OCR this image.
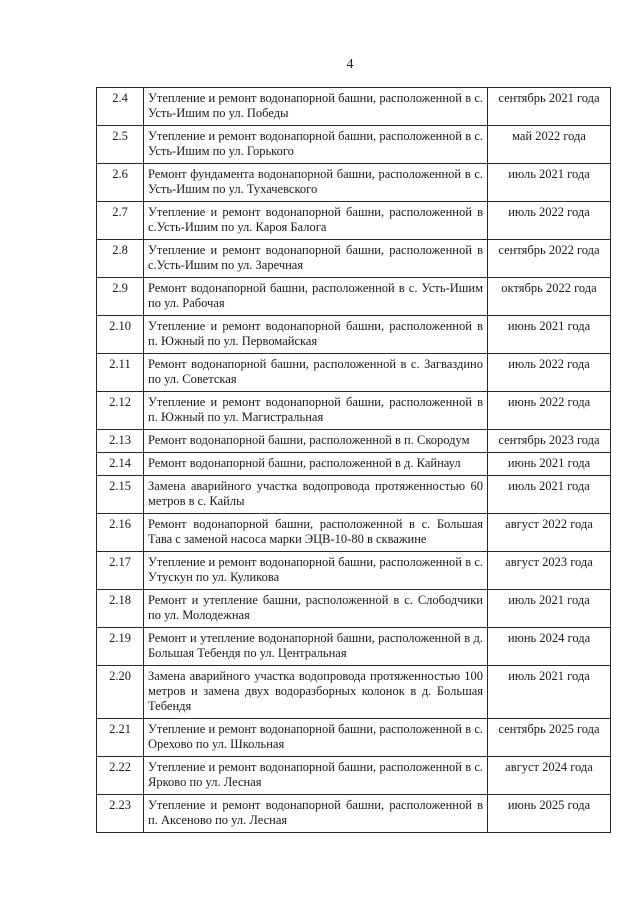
4
2.4	Утепление и ремонт водонапорной башни, расположенной в с. Усть-Ишим по ул. Победы	сентябрь 2021 года
2.5	Утепление и ремонт водонапорной башни, расположенной в с. Усть-Ишим по ул. Горького	май 2022 года
2.6	Ремонт фундамента водонапорной башни, расположенной в с. Усть-Ишим по ул. Тухачевского	июль 2021 года
2.7	Утепление и ремонт водонапорной башни, расположенной в с.Усть-Ишим по ул. Кароя Балога	июль 2022 года
2.8	Утепление и ремонт водонапорной башни, расположенной в с.Усть-Ишим по ул. Заречная	сентябрь 2022 года
2.9	Ремонт водонапорной башни, расположенной в с. Усть-Ишим по ул. Рабочая	октябрь 2022 года
2.10	Утепление и ремонт водонапорной башни, расположенной в п. Южный по ул. Первомайская	июнь 2021 года
2.11	Ремонт водонапорной башни, расположенной в с. Загваздино по ул. Советская	июль 2022 года
2.12	Утепление и ремонт водонапорной башни, расположенной в п. Южный по ул. Магистральная	июнь 2022 года
2.13	Ремонт водонапорной башни, расположенной в п. Скородум	сентябрь 2023 года
2.14	Ремонт водонапорной башни, расположенной в д. Кайнаул	июнь 2021 года
2.15	Замена аварийного участка водопровода протяженностью 60 метров в с. Кайлы	июль 2021 года
2.16	Ремонт водонапорной башни, расположенной в с. Большая Тава с заменой насоса марки ЭЦВ-10-80 в скважине	август 2022 года
2.17	Утепление и ремонт водонапорной башни, расположенной в с. Утускун по ул. Куликова	август 2023 года
2.18	Ремонт и утепление башни, расположенной в с. Слободчики по ул. Молодежная	июль 2021 года
2.19	Ремонт и утепление водонапорной башни, расположенной в д. Большая Тебендя по ул. Центральная	июнь 2024 года
2.20	Замена аварийного участка водопровода протяженностью 100 метров и замена двух водоразборных колонок в д. Большая Тебендя	июль 2021 года
2.21	Утепление и ремонт водонапорной башни, расположенной в с. Орехово по ул. Школьная	сентябрь 2025 года
2.22	Утепление и ремонт водонапорной башни, расположенной в с. Ярково по ул. Лесная	август 2024 года
2.23	Утепление и ремонт водонапорной башни, расположенной в п. Аксеново по ул. Лесная	июнь 2025 года
